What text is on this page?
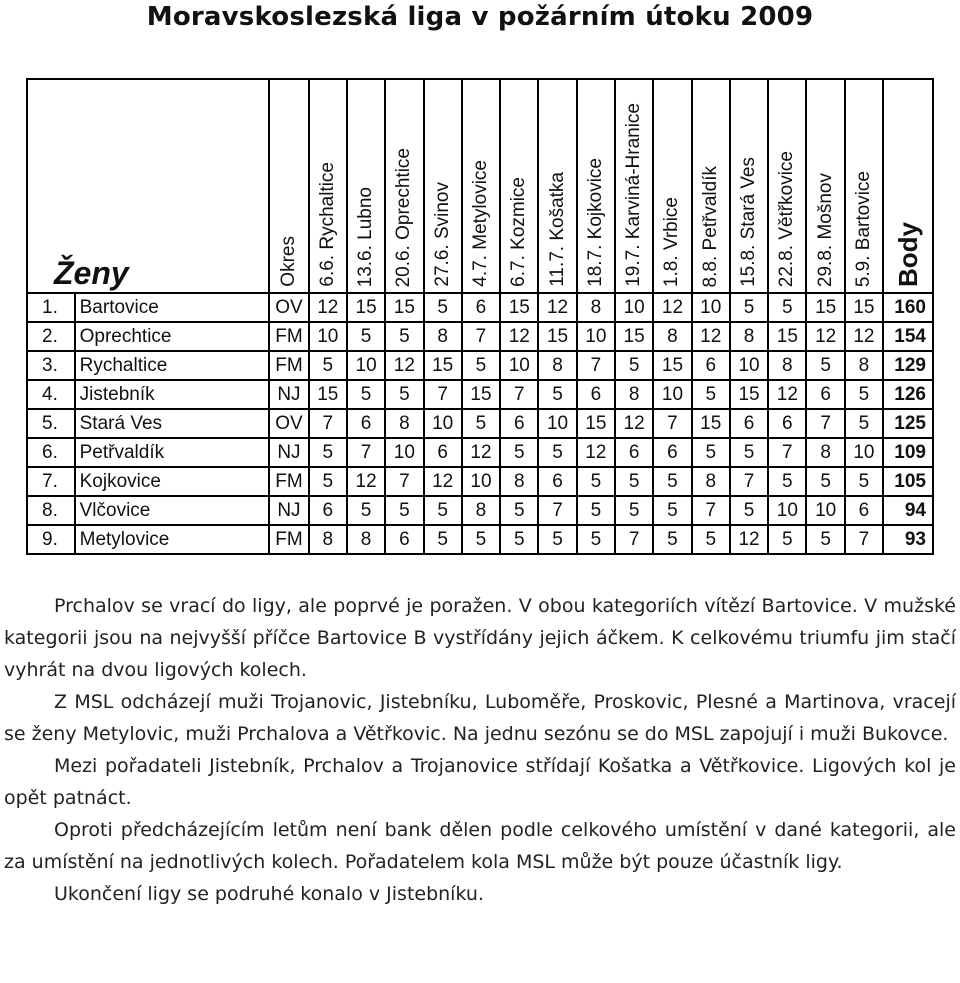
Moravskoslezská liga v požárním útoku 2009
Ženy		Okres	6.6. Rychaltice	13.6. Lubno	20.6. Oprechtice	27.6. Svinov	4.7. Metylovice	6.7. Kozmice	11.7. Košatka	18.7. Kojkovice	19.7. Karviná-Hranice	1.8. Vrbice	8.8. Petřvaldík	15.8. Stará Ves	22.8. Větřkovice	29.8. Mošnov	5.9. Bartovice	Body
1.	Bartovice	OV	12	15	15	5	6	15	12	8	10	12	10	5	5	15	15	160
2.	Oprechtice	FM	10	5	5	8	7	12	15	10	15	8	12	8	15	12	12	154
3.	Rychaltice	FM	5	10	12	15	5	10	8	7	5	15	6	10	8	5	8	129
4.	Jistebník	NJ	15	5	5	7	15	7	5	6	8	10	5	15	12	6	5	126
5.	Stará Ves	OV	7	6	8	10	5	6	10	15	12	7	15	6	6	7	5	125
6.	Petřvaldík	NJ	5	7	10	6	12	5	5	12	6	6	5	5	7	8	10	109
7.	Kojkovice	FM	5	12	7	12	10	8	6	5	5	5	8	7	5	5	5	105
8.	Vlčovice	NJ	6	5	5	5	8	5	7	5	5	5	7	5	10	10	6	94
9.	Metylovice	FM	8	8	6	5	5	5	5	5	7	5	5	12	5	5	7	93

Prchalov se vrací do ligy, ale poprvé je poražen. V obou kategoriích vítězí Bartovice. V mužské kategorii jsou na nejvyšší příčce Bartovice B vystřídány jejich áčkem. K celkovému triumfu jim stačí vyhrát na dvou ligových kolech.

Z MSL odcházejí muži Trojanovic, Jistebníku, Luboměře, Proskovic, Plesné a Martinova, vracejí se ženy Metylovic, muži Prchalova a Větřkovic. Na jednu sezónu se do MSL zapojují i muži Bukovce.

Mezi pořadateli Jistebník, Prchalov a Trojanovice střídají Košatka a Větřkovice. Ligových kol je opět patnáct.

Oproti předcházejícím letům není bank dělen podle celkového umístění v dané kategorii, ale za umístění na jednotlivých kolech. Pořadatelem kola MSL může být pouze účastník ligy.

Ukončení ligy se podruhé konalo v Jistebníku.
